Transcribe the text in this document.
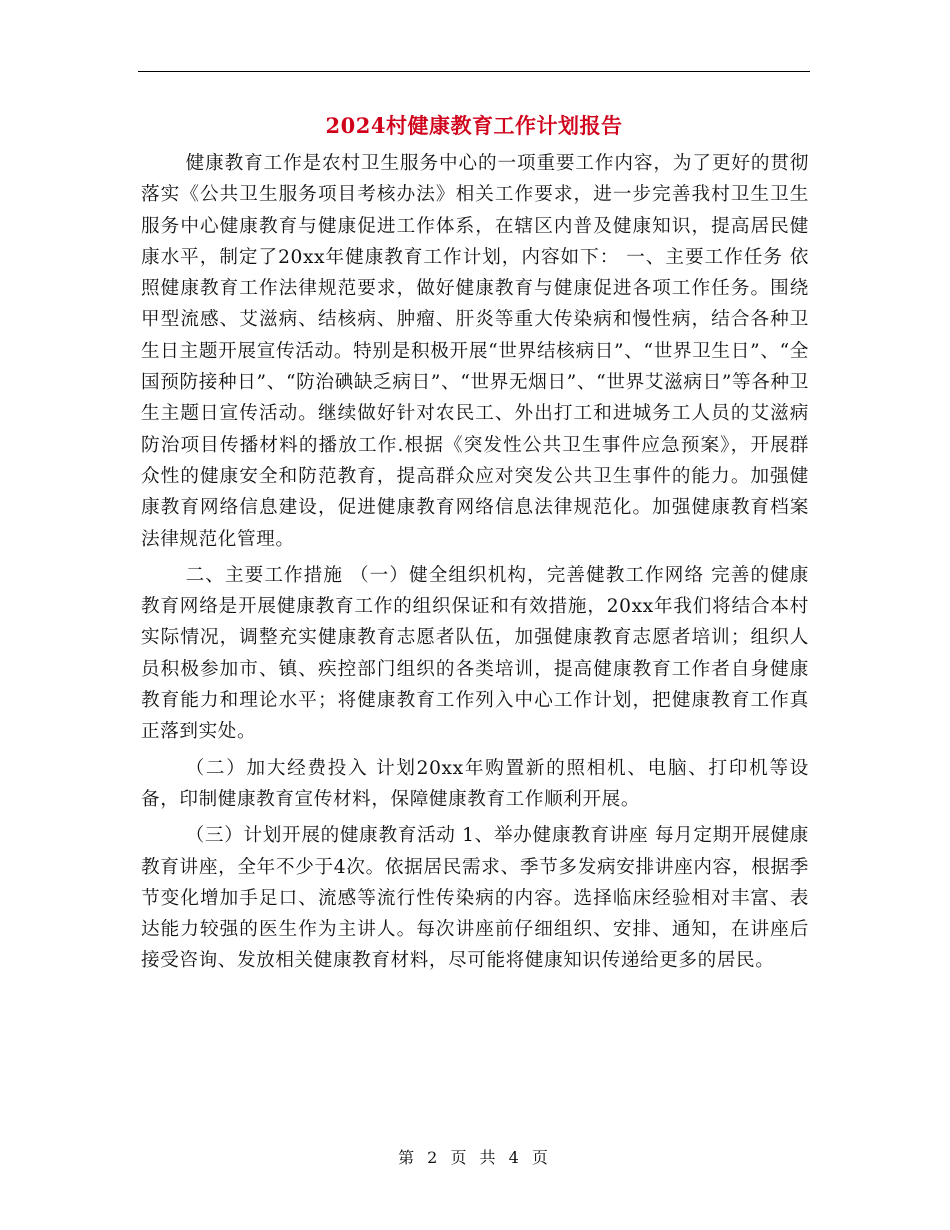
2024村健康教育工作计划报告

健康教育工作是农村卫生服务中心的一项重要工作内容，为了更好的贯彻落实《公共卫生服务项目考核办法》相关工作要求，进一步完善我村卫生卫生服务中心健康教育与健康促进工作体系，在辖区内普及健康知识，提高居民健康水平，制定了20xx年健康教育工作计划，内容如下： 一、主要工作任务 依照健康教育工作法律规范要求，做好健康教育与健康促进各项工作任务。围绕甲型流感、艾滋病、结核病、肿瘤、肝炎等重大传染病和慢性病，结合各种卫生日主题开展宣传活动。特别是积极开展“世界结核病日”、“世界卫生日”、“全国预防接种日”、“防治碘缺乏病日”、“世界无烟日”、“世界艾滋病日”等各种卫生主题日宣传活动。继续做好针对农民工、外出打工和进城务工人员的艾滋病防治项目传播材料的播放工作.根据《突发性公共卫生事件应急预案》，开展群众性的健康安全和防范教育，提高群众应对突发公共卫生事件的能力。加强健康教育网络信息建设，促进健康教育网络信息法律规范化。加强健康教育档案法律规范化管理。

二、主要工作措施 （一）健全组织机构，完善健教工作网络 完善的健康教育网络是开展健康教育工作的组织保证和有效措施，20xx年我们将结合本村实际情况，调整充实健康教育志愿者队伍，加强健康教育志愿者培训；组织人员积极参加市、镇、疾控部门组织的各类培训，提高健康教育工作者自身健康教育能力和理论水平；将健康教育工作列入中心工作计划，把健康教育工作真正落到实处。

（二）加大经费投入 计划20xx年购置新的照相机、电脑、打印机等设备，印制健康教育宣传材料，保障健康教育工作顺利开展。

（三）计划开展的健康教育活动 1、举办健康教育讲座 每月定期开展健康教育讲座，全年不少于4次。依据居民需求、季节多发病安排讲座内容，根据季节变化增加手足口、流感等流行性传染病的内容。选择临床经验相对丰富、表达能力较强的医生作为主讲人。每次讲座前仔细组织、安排、通知，在讲座后接受咨询、发放相关健康教育材料，尽可能将健康知识传递给更多的居民。

第 2 页 共 4 页
